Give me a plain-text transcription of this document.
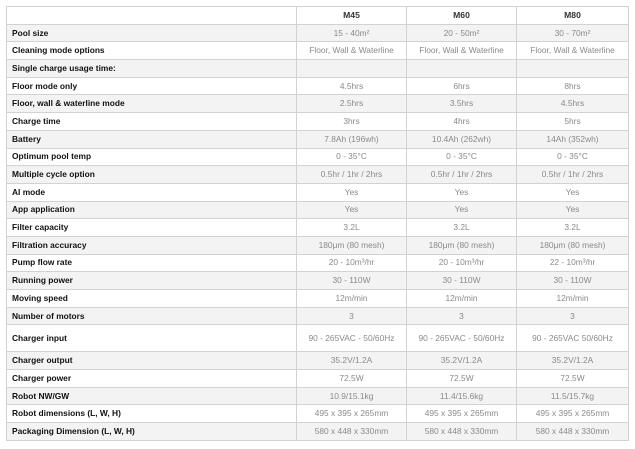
	M45	M60	M80
Pool size	15 - 40m²	20 - 50m²	30 - 70m²
Cleaning mode options	Floor, Wall & Waterline	Floor, Wall & Waterline	Floor, Wall & Waterline
Single charge usage time:			
Floor mode only	4.5hrs	6hrs	8hrs
Floor, wall & waterline mode	2.5hrs	3.5hrs	4.5hrs
Charge time	3hrs	4hrs	5hrs
Battery	7.8Ah (196wh)	10.4Ah (262wh)	14Ah (352wh)
Optimum pool temp	0 - 35°C	0 - 35°C	0 - 35°C
Multiple cycle option	0.5hr / 1hr / 2hrs	0.5hr / 1hr / 2hrs	0.5hr / 1hr / 2hrs
AI mode	Yes	Yes	Yes
App application	Yes	Yes	Yes
Filter capacity	3.2L	3.2L	3.2L
Filtration accuracy	180μm (80 mesh)	180μm (80 mesh)	180μm (80 mesh)
Pump flow rate	20 - 10m³/hr	20 - 10m³/hr	22 - 10m³/hr
Running power	30 - 110W	30 - 110W	30 - 110W
Moving speed	12m/min	12m/min	12m/min
Number of motors	3	3	3
Charger input	90 - 265VAC - 50/60Hz	90 - 265VAC - 50/60Hz	90 - 265VAC 50/60Hz
Charger output	35.2V/1.2A	35.2V/1.2A	35.2V/1.2A
Charger power	72.5W	72.5W	72.5W
Robot NW/GW	10.9/15.1kg	11.4/15.6kg	11.5/15.7kg
Robot dimensions (L, W, H)	495 x 395 x 265mm	495 x 395 x 265mm	495 x 395 x 265mm
Packaging Dimension (L, W, H)	580 x 448 x 330mm	580 x 448 x 330mm	580 x 448 x 330mm
